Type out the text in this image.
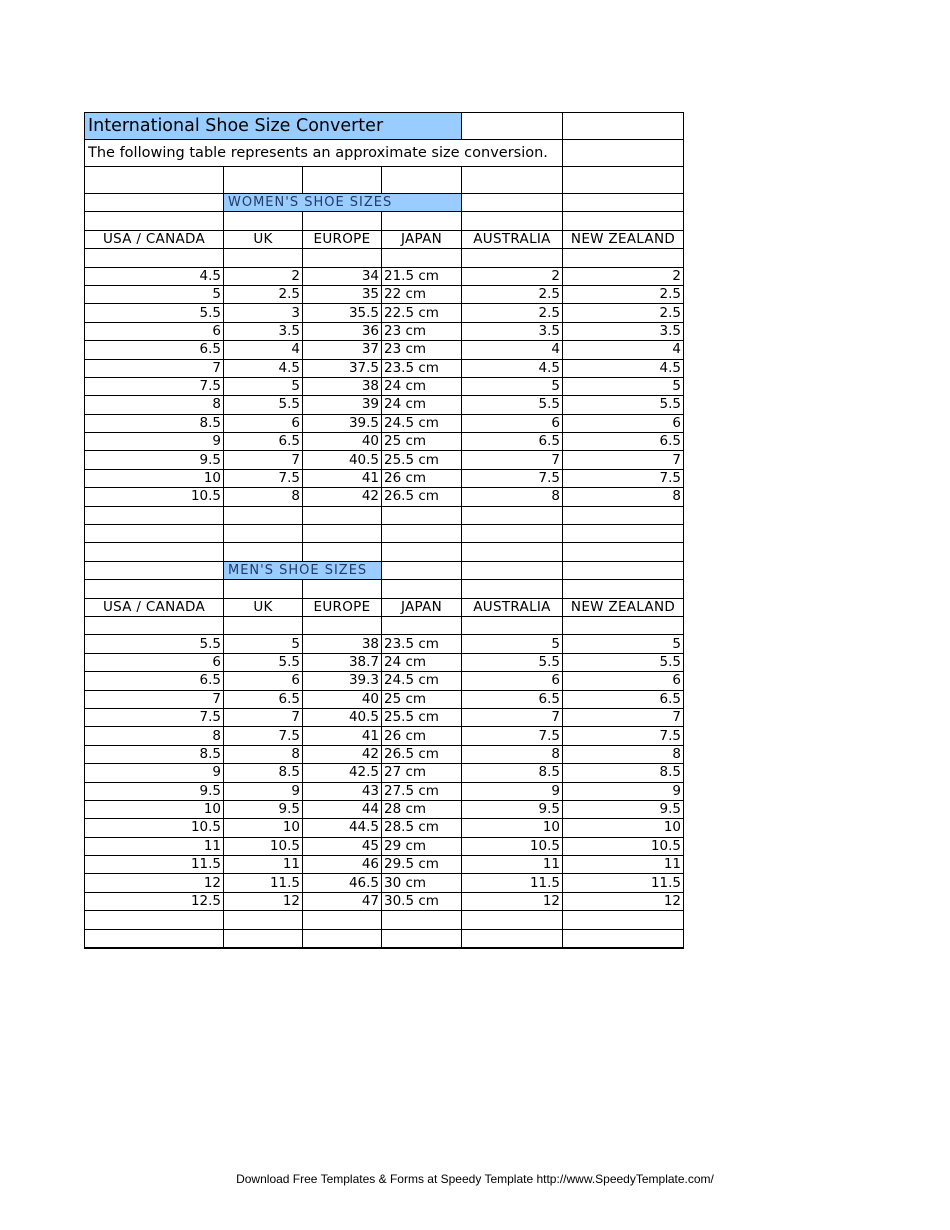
International Shoe Size Converter					
The following table represents an approximate size conversion.					

	WOMEN'S SHOE SIZES				

USA / CANADA	UK	EUROPE	JAPAN	AUSTRALIA	NEW ZEALAND

4.5	2	34	21.5 cm	2	2
5	2.5	35	22 cm	2.5	2.5
5.5	3	35.5	22.5 cm	2.5	2.5
6	3.5	36	23 cm	3.5	3.5
6.5	4	37	23 cm	4	4
7	4.5	37.5	23.5 cm	4.5	4.5
7.5	5	38	24 cm	5	5
8	5.5	39	24 cm	5.5	5.5
8.5	6	39.5	24.5 cm	6	6
9	6.5	40	25 cm	6.5	6.5
9.5	7	40.5	25.5 cm	7	7
10	7.5	41	26 cm	7.5	7.5
10.5	8	42	26.5 cm	8	8

	MEN'S SHOE SIZES				

USA / CANADA	UK	EUROPE	JAPAN	AUSTRALIA	NEW ZEALAND

5.5	5	38	23.5 cm	5	5
6	5.5	38.7	24 cm	5.5	5.5
6.5	6	39.3	24.5 cm	6	6
7	6.5	40	25 cm	6.5	6.5
7.5	7	40.5	25.5 cm	7	7
8	7.5	41	26 cm	7.5	7.5
8.5	8	42	26.5 cm	8	8
9	8.5	42.5	27 cm	8.5	8.5
9.5	9	43	27.5 cm	9	9
10	9.5	44	28 cm	9.5	9.5
10.5	10	44.5	28.5 cm	10	10
11	10.5	45	29 cm	10.5	10.5
11.5	11	46	29.5 cm	11	11
12	11.5	46.5	30 cm	11.5	11.5
12.5	12	47	30.5 cm	12	12

Download Free Templates & Forms at Speedy Template http://www.SpeedyTemplate.com/
